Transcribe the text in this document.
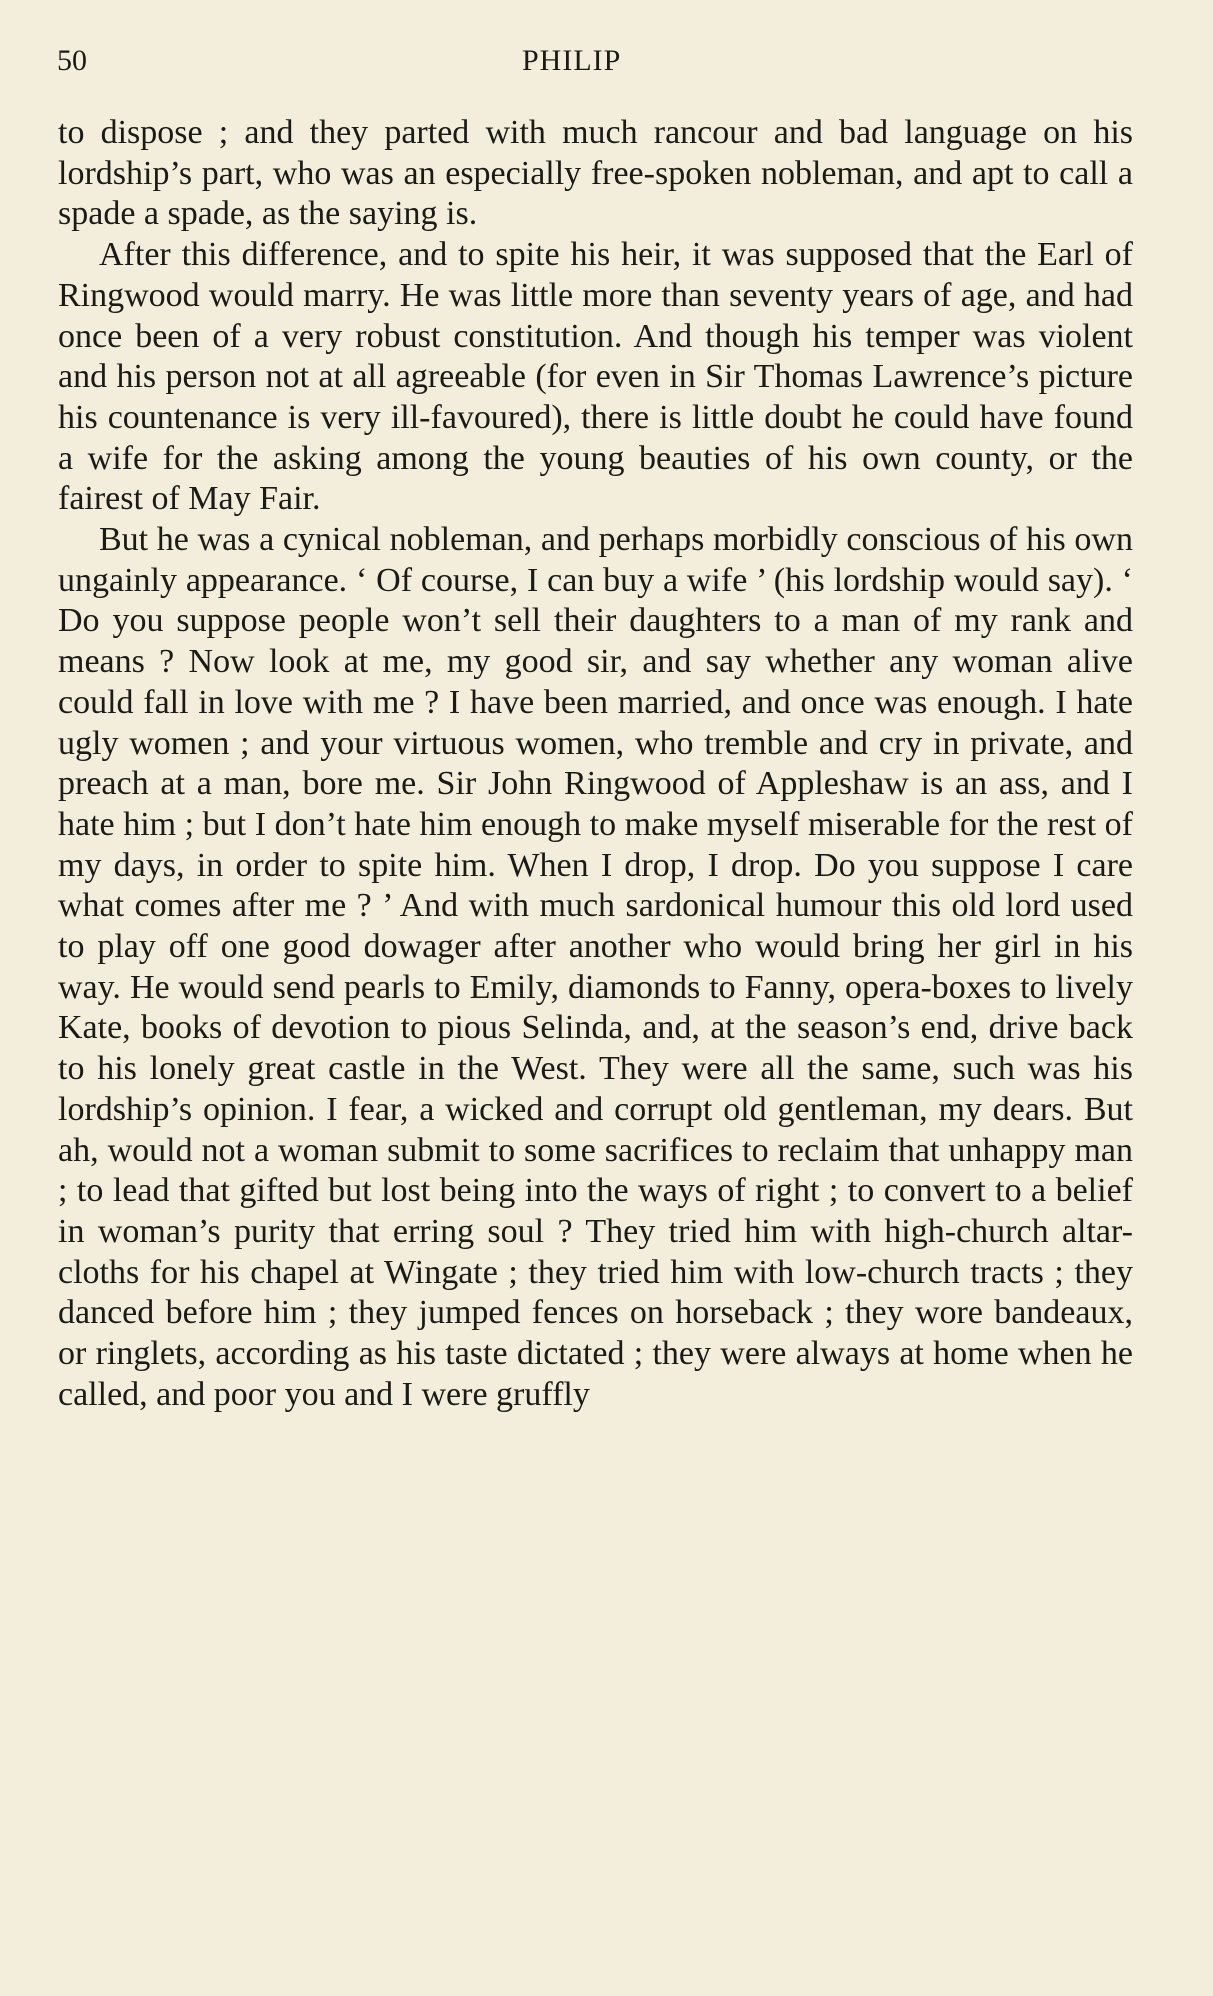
50	PHILIP

to dispose ; and they parted with much rancour and bad language on his lordship’s part, who was an especially free-spoken nobleman, and apt to call a spade a spade, as the saying is.

After this difference, and to spite his heir, it was supposed that the Earl of Ringwood would marry. He was little more than seventy years of age, and had once been of a very robust constitution. And though his temper was violent and his person not at all agreeable (for even in Sir Thomas Lawrence’s picture his countenance is very ill-favoured), there is little doubt he could have found a wife for the asking among the young beauties of his own county, or the fairest of May Fair.

But he was a cynical nobleman, and perhaps morbidly conscious of his own ungainly appearance. ‘ Of course, I can buy a wife ’ (his lordship would say). ‘ Do you suppose people won’t sell their daughters to a man of my rank and means ? Now look at me, my good sir, and say whether any woman alive could fall in love with me ? I have been married, and once was enough. I hate ugly women ; and your virtuous women, who tremble and cry in private, and preach at a man, bore me. Sir John Ringwood of Appleshaw is an ass, and I hate him ; but I don’t hate him enough to make myself miserable for the rest of my days, in order to spite him. When I drop, I drop. Do you suppose I care what comes after me ? ’ And with much sardonical humour this old lord used to play off one good dowager after another who would bring her girl in his way. He would send pearls to Emily, diamonds to Fanny, opera-boxes to lively Kate, books of devotion to pious Selinda, and, at the season’s end, drive back to his lonely great castle in the West. They were all the same, such was his lordship’s opinion. I fear, a wicked and corrupt old gentleman, my dears. But ah, would not a woman submit to some sacrifices to reclaim that unhappy man ; to lead that gifted but lost being into the ways of right ; to convert to a belief in woman’s purity that erring soul ? They tried him with high-church altar-cloths for his chapel at Wingate ; they tried him with low-church tracts ; they danced before him ; they jumped fences on horseback ; they wore bandeaux, or ringlets, according as his taste dictated ; they were always at home when he called, and poor you and I were gruffly
